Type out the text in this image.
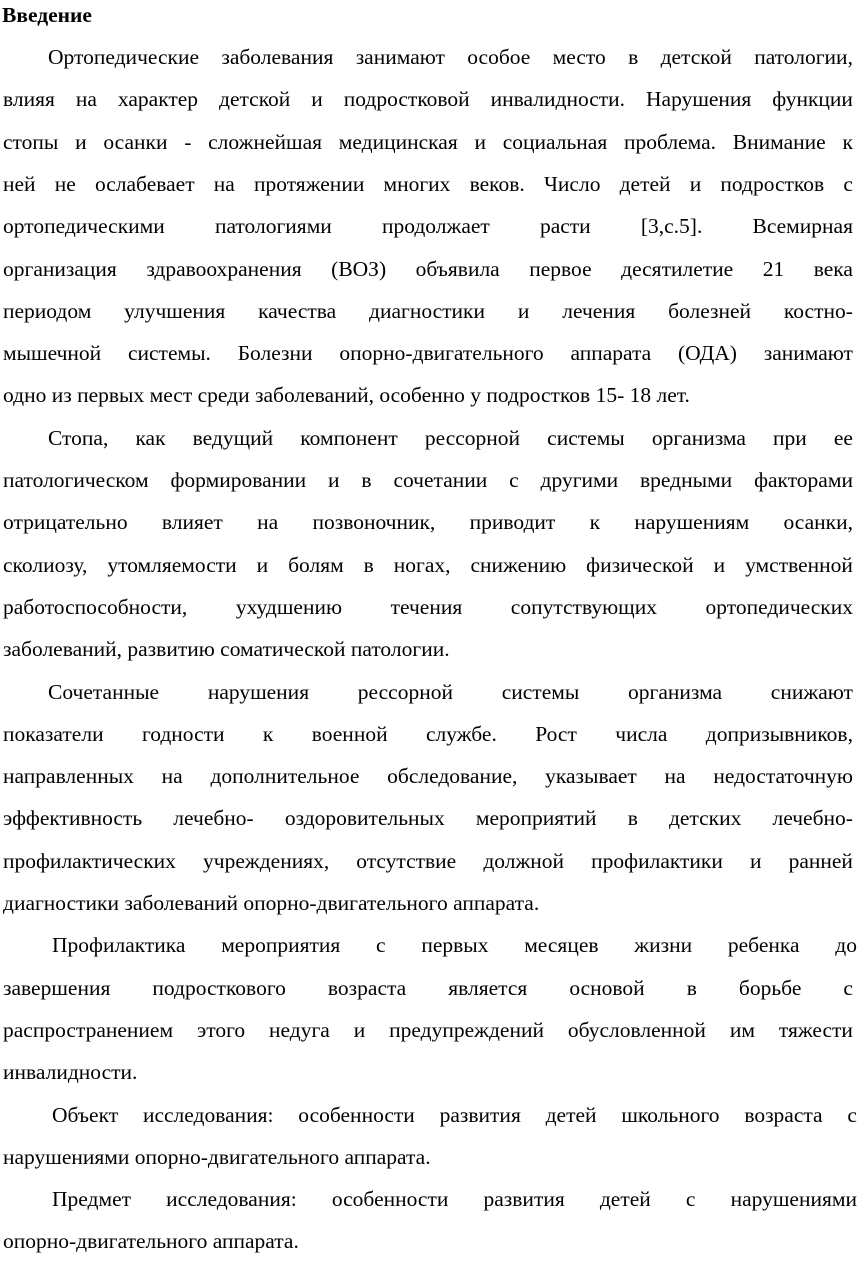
Введение
Ортопедические заболевания занимают особое место в детской патологии,
влияя на характер детской и подростковой инвалидности. Нарушения функции
стопы и осанки - сложнейшая медицинская и социальная проблема. Внимание к
ней не ослабевает на протяжении многих веков. Число детей и подростков с
ортопедическими патологиями продолжает расти [3,с.5]. Всемирная
организация здравоохранения (ВОЗ) объявила первое десятилетие 21 века
периодом улучшения качества диагностики и лечения болезней костно-
мышечной системы. Болезни опорно-двигательного аппарата (ОДА) занимают
одно из первых мест среди заболеваний, особенно у подростков 15- 18 лет.
Стопа, как ведущий компонент рессорной системы организма при ее
патологическом формировании и в сочетании с другими вредными факторами
отрицательно влияет на позвоночник, приводит к нарушениям осанки,
сколиозу, утомляемости и болям в ногах, снижению физической и умственной
работоспособности, ухудшению течения сопутствующих ортопедических
заболеваний, развитию соматической патологии.
Сочетанные нарушения рессорной системы организма снижают
показатели годности к военной службе. Рост числа допризывников,
направленных на дополнительное обследование, указывает на недостаточную
эффективность лечебно- оздоровительных мероприятий в детских лечебно-
профилактических учреждениях, отсутствие должной профилактики и ранней
диагностики заболеваний опорно-двигательного аппарата.
Профилактика мероприятия с первых месяцев жизни ребенка до
завершения подросткового возраста является основой в борьбе с
распространением этого недуга и предупреждений обусловленной им тяжести
инвалидности.
Объект исследования: особенности развития детей школьного возраста с
нарушениями опорно-двигательного аппарата.
Предмет исследования: особенности развития детей с нарушениями
опорно-двигательного аппарата.
